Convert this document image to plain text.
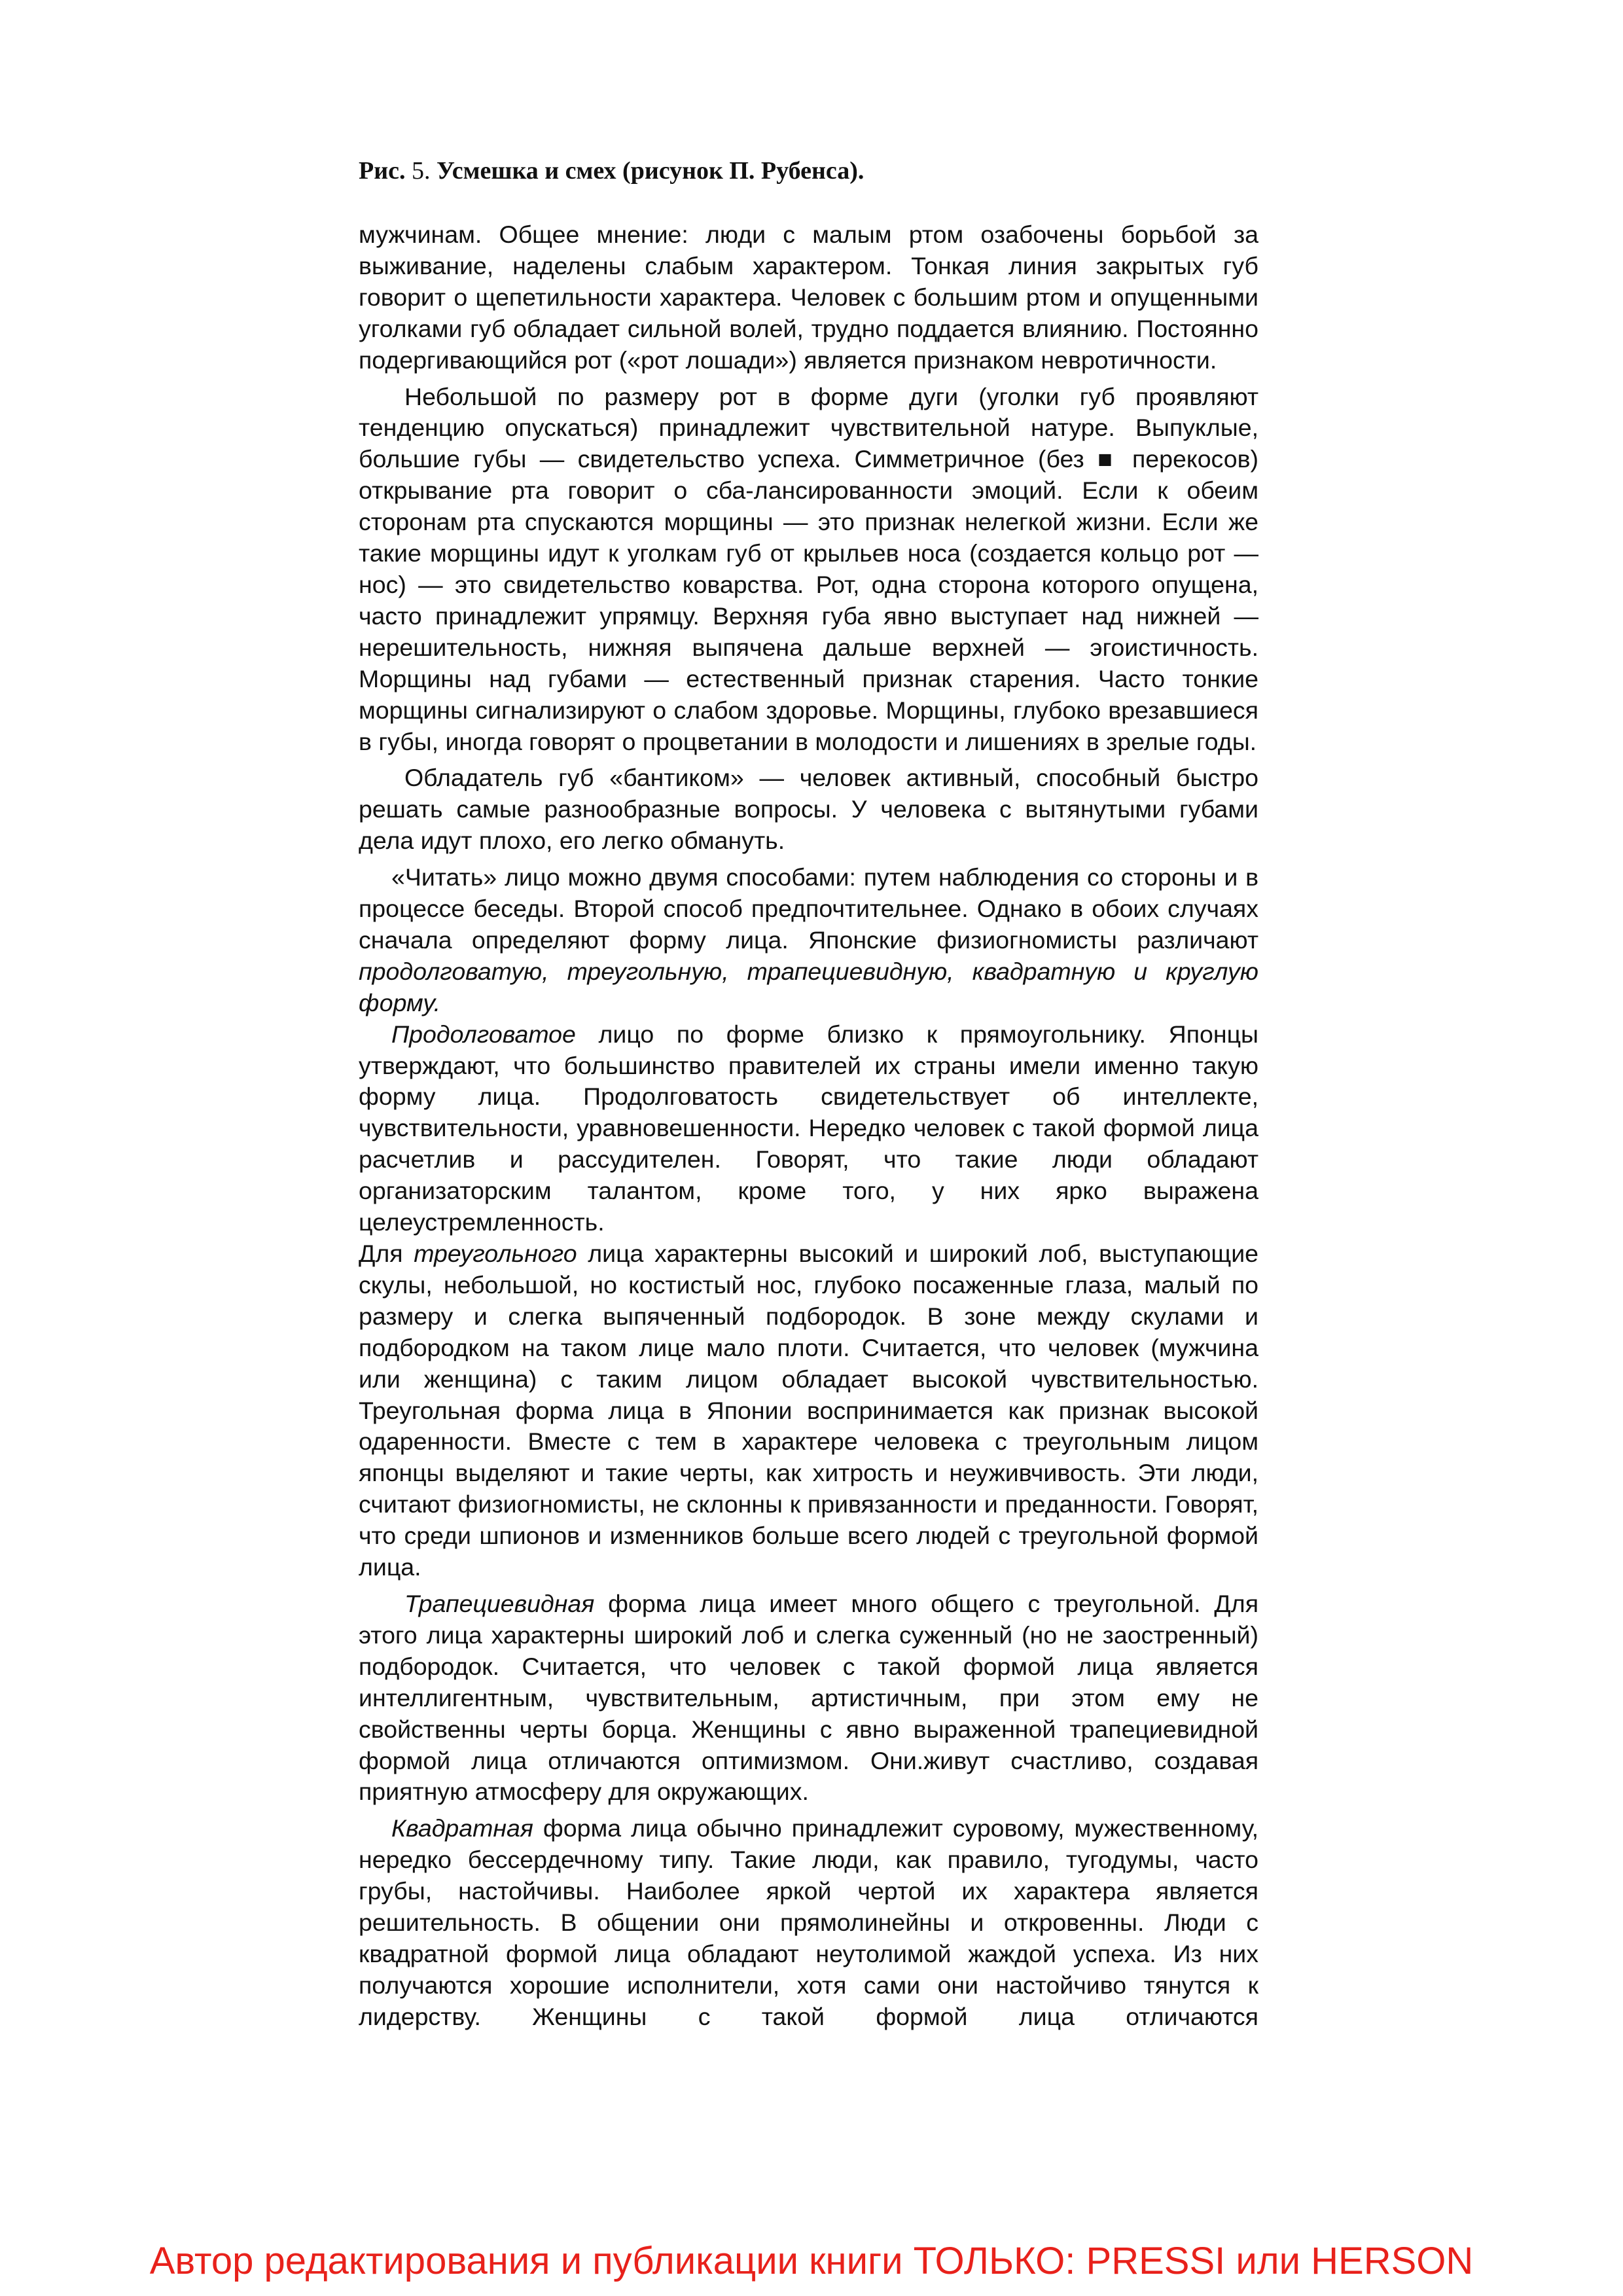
Рис. 5. Усмешка и смех (рисунок П. Рубенса).

мужчинам. Общее мнение: люди с малым ртом озабочены борьбой за выживание, наделены слабым характером. Тонкая линия закрытых губ говорит о щепетильности характера. Человек с большим ртом и опущенными уголками губ обладает сильной волей, трудно поддается влиянию. Постоянно подергивающийся рот («рот лошади») является признаком невротичности.

Небольшой по размеру рот в форме дуги (уголки губ проявляют тенденцию опускаться) принадлежит чувствительной натуре. Выпуклые, большие губы — свидетельство успеха. Симметричное (без ■ перекосов) открывание рта говорит о сба-лансированности эмоций. Если к обеим сторонам рта спускаются морщины — это признак нелегкой жизни. Если же такие морщины идут к уголкам губ от крыльев носа (создается кольцо рот — нос) — это свидетельство коварства. Рот, одна сторона которого опущена, часто принадлежит упрямцу. Верхняя губа явно выступает над нижней — нерешительность, нижняя выпячена дальше верхней — эгоистичность. Морщины над губами — естественный признак старения. Часто тонкие морщины сигнализируют о слабом здоровье. Морщины, глубоко врезавшиеся в губы, иногда говорят о процветании в молодости и лишениях в зрелые годы.

Обладатель губ «бантиком» — человек активный, способный быстро решать самые разнообразные вопросы. У человека с вытянутыми губами дела идут плохо, его легко обмануть.

«Читать» лицо можно двумя способами: путем наблюдения со стороны и в процессе беседы. Второй способ предпочтительнее. Однако в обоих случаях сначала определяют форму лица. Японские физиогномисты различают продолговатую, треугольную, трапециевидную, квадратную и круглую форму.

Продолговатое лицо по форме близко к прямоугольнику. Японцы утверждают, что большинство правителей их страны имели именно такую форму лица. Продолговатость свидетельствует об интеллекте, чувствительности, уравновешенности. Нередко человек с такой формой лица расчетлив и рассудителен. Говорят, что такие люди обладают организаторским талантом, кроме того, у них ярко выражена целеустремленность.

Для треугольного лица характерны высокий и широкий лоб, выступающие скулы, небольшой, но костистый нос, глубоко посаженные глаза, малый по размеру и слегка выпяченный подбородок. В зоне между скулами и подбородком на таком лице мало плоти. Считается, что человек (мужчина или женщина) с таким лицом обладает высокой чувствительностью. Треугольная форма лица в Японии воспринимается как признак высокой одаренности. Вместе с тем в характере человека с треугольным лицом японцы выделяют и такие черты, как хитрость и неуживчивость. Эти люди, считают физиогномисты, не склонны к привязанности и преданности. Говорят, что среди шпионов и изменников больше всего людей с треугольной формой лица.

Трапециевидная форма лица имеет много общего с треугольной. Для этого лица характерны широкий лоб и слегка суженный (но не заостренный) подбородок. Считается, что человек с такой формой лица является интеллигентным, чувствительным, артистичным, при этом ему не свойственны черты борца. Женщины с явно выраженной трапециевидной формой лица отличаются оптимизмом. Они.живут счастливо, создавая приятную атмосферу для окружающих.

Квадратная форма лица обычно принадлежит суровому, мужественному, нередко бессердечному типу. Такие люди, как правило, тугодумы, часто грубы, настойчивы. Наиболее яркой чертой их характера является решительность. В общении они прямолинейны и откровенны. Люди с квадратной формой лица обладают неутолимой жаждой успеха. Из них получаются хорошие исполнители, хотя сами они настойчиво тянутся к лидерству. Женщины с такой формой лица отличаются

Автор редактирования и публикации книги ТОЛЬКО: PRESSI или HERSON
